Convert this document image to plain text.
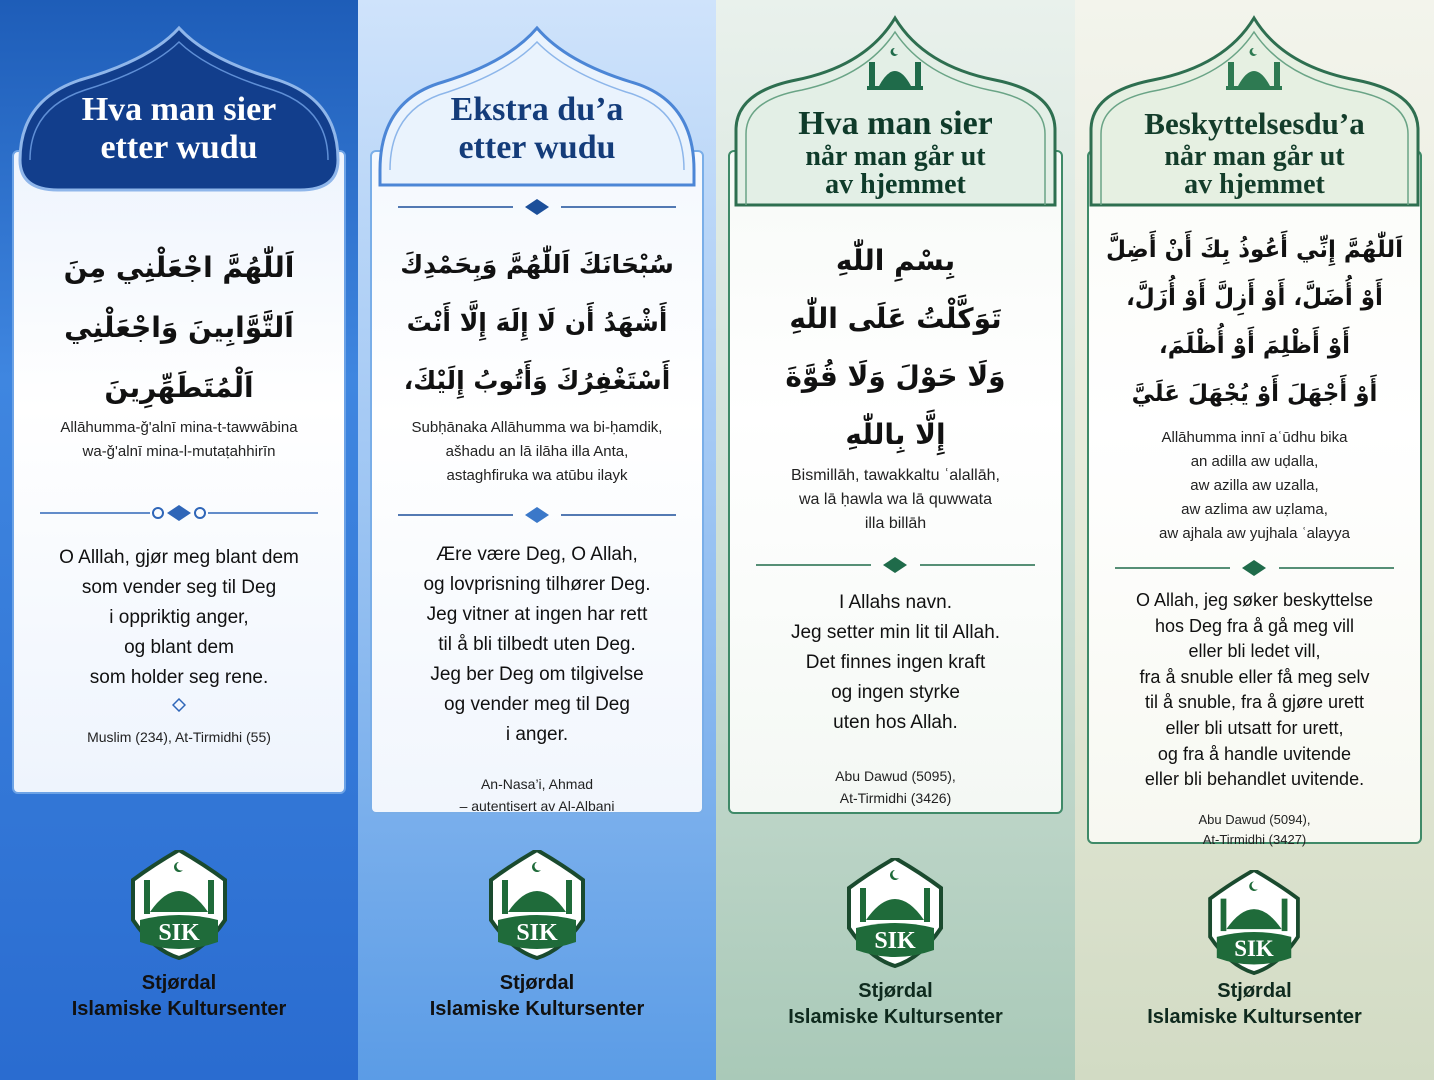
Hva man sier
etter wudu
اَللّٰهُمَّ اجْعَلْنِي مِنَ
اَلتَّوَّابِينَ وَاجْعَلْنِي
اَلْمُتَطَهِّرِينَ
Allāhumma-ǧ'alnī mina-t-tawwābina
wa-ǧ'alnī mina-l-mutaṭahhirīn
O Alllah, gjør meg blant dem
som vender seg til Deg
i oppriktig anger,
og blant dem
som holder seg rene.
Muslim (234), At-Tirmidhi (55)
SIK
Stjørdal
Islamiske Kultursenter
Ekstra du’a
etter wudu
سُبْحَانَكَ اَللّٰهُمَّ وَبِحَمْدِكَ
أَشْهَدُ أَن لَا إِلَهَ إِلَّا أَنْتَ
أَسْتَغْفِرُكَ وَأَتُوبُ إِلَيْكَ،
Subḥānaka Allāhumma wa bi-ḥamdik,
ašhadu an lā ilāha illa Anta,
astaghfiruka wa atūbu ilayk
Ære være Deg, O Allah,
og lovprisning tilhører Deg.
Jeg vitner at ingen har rett
til å bli tilbedt uten Deg.
Jeg ber Deg om tilgivelse
og vender meg til Deg
i anger.
An-Nasa’i, Ahmad
– autentisert av Al-Albani
SIK
Stjørdal
Islamiske Kultursenter
Hva man sier
når man går ut
av hjemmet
بِسْمِ اللّٰهِ
تَوَكَّلْتُ عَلَى اللّٰهِ
وَلَا حَوْلَ وَلَا قُوَّةَ
إِلَّا بِاللّٰهِ
Bismillāh, tawakkaltu ʿalallāh,
wa lā ḥawla wa lā quwwata
illa billāh
I Allahs navn.
Jeg setter min lit til Allah.
Det finnes ingen kraft
og ingen styrke
uten hos Allah.
Abu Dawud (5095),
At-Tirmidhi (3426)
SIK
Stjørdal
Islamiske Kultursenter
Beskyttelsesdu’a
når man går ut
av hjemmet
اَللّٰهُمَّ إِنِّي أَعُوذُ بِكَ أَنْ أَضِلَّ
أَوْ أُضَلَّ، أَوْ أَزِلَّ أَوْ أُزَلَّ،
أَوْ أَظْلِمَ أَوْ أُظْلَمَ،
أَوْ أَجْهَلَ أَوْ يُجْهَلَ عَلَيَّ
Allāhumma innī aʿūdhu bika
an adilla aw uḍalla,
aw azilla aw uzalla,
aw azlima aw uẓlama,
aw ajhala aw yujhala ʿalayya
O Allah, jeg søker beskyttelse
hos Deg fra å gå meg vill
eller bli ledet vill,
fra å snuble eller få meg selv
til å snuble, fra å gjøre urett
eller bli utsatt for urett,
og fra å handle uvitende
eller bli behandlet uvitende.
Abu Dawud (5094),
At-Tirmidhi (3427)
SIK
Stjørdal
Islamiske Kultursenter
